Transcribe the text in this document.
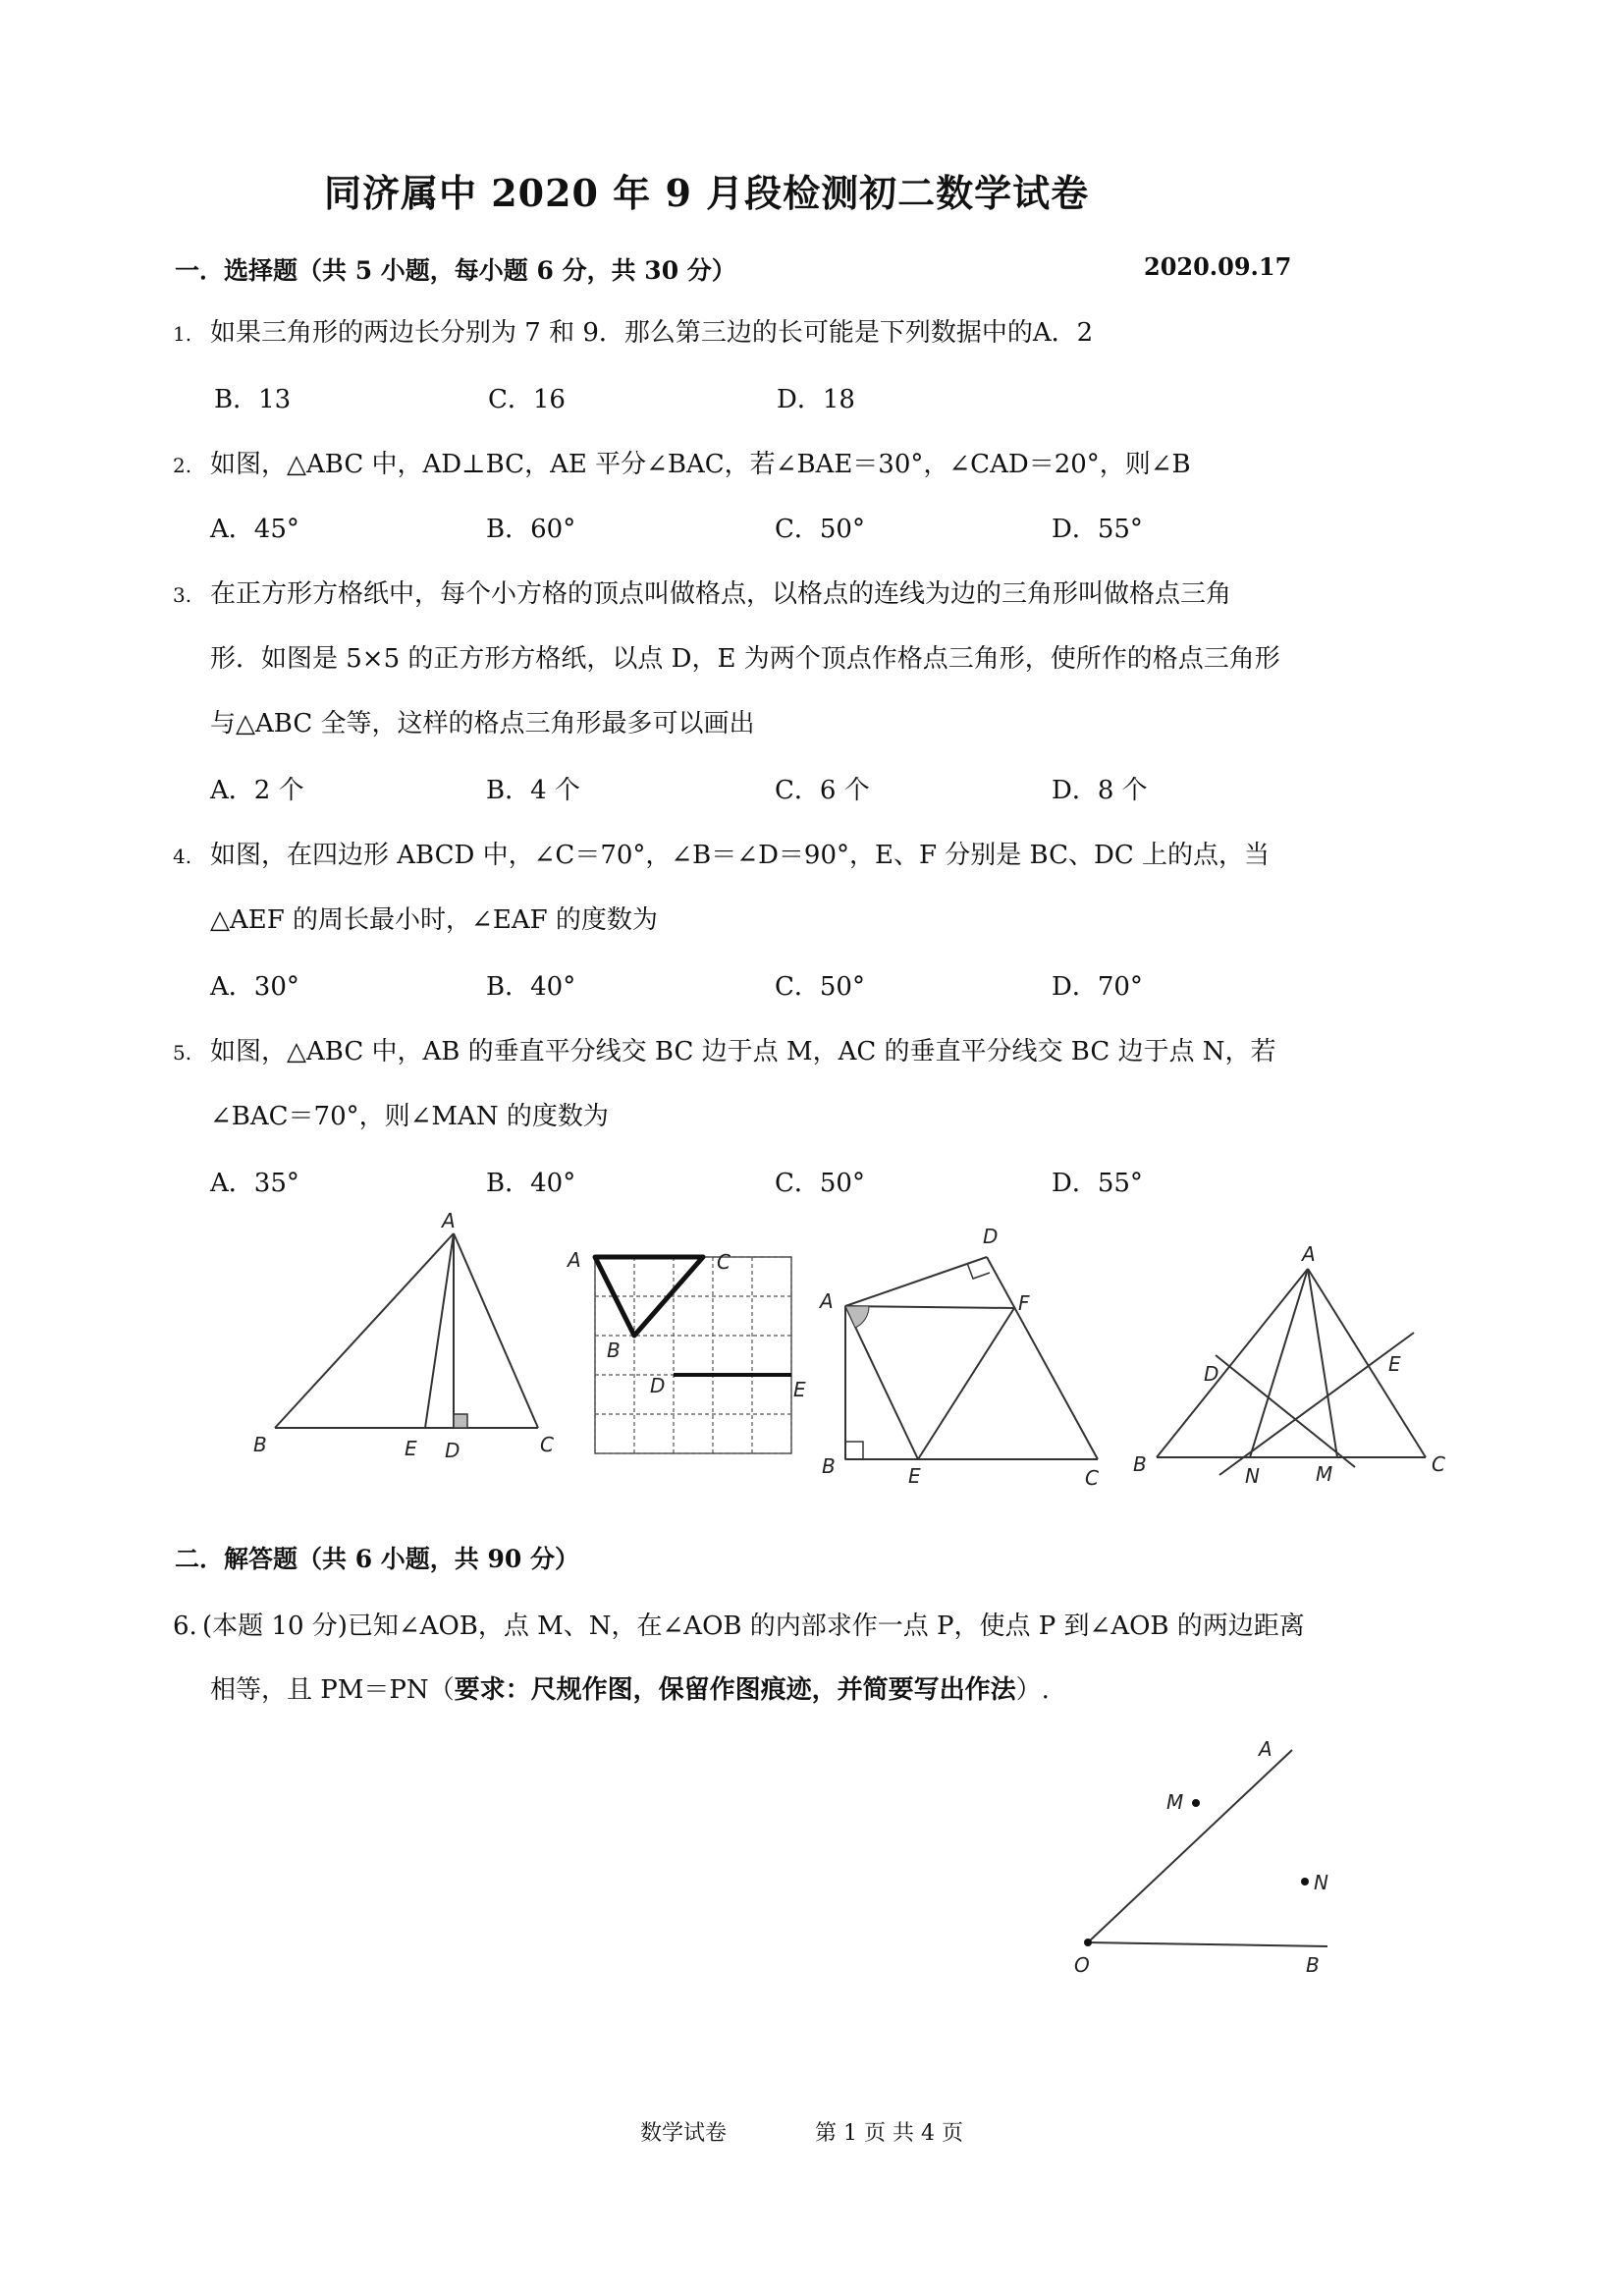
同济属中 2020 年 9 月段检测初二数学试卷
一．选择题（共 5 小题，每小题 6 分，共 30 分）	2020.09.17
1. 如果三角形的两边长分别为 7 和 9．那么第三边的长可能是下列数据中的A．2
B．13	C．16	D．18
2. 如图，△ABC 中，AD⊥BC，AE 平分∠BAC，若∠BAE＝30°，∠CAD＝20°，则∠B
A．45°	B．60°	C．50°	D．55°
3. 在正方形方格纸中，每个小方格的顶点叫做格点，以格点的连线为边的三角形叫做格点三角
形．如图是 5×5 的正方形方格纸，以点 D，E 为两个顶点作格点三角形，使所作的格点三角形
与△ABC 全等，这样的格点三角形最多可以画出
A．2 个	B．4 个	C．6 个	D．8 个
4. 如图，在四边形 ABCD 中，∠C＝70°，∠B＝∠D＝90°，E、F 分别是 BC、DC 上的点，当
△AEF 的周长最小时，∠EAF 的度数为
A．30°	B．40°	C．50°	D．70°
5. 如图，△ABC 中，AB 的垂直平分线交 BC 边于点 M，AC 的垂直平分线交 BC 边于点 N，若
∠BAC＝70°，则∠MAN 的度数为
A．35°	B．40°	C．50°	D．55°
A
B	E D	C
A	C
B
D	E
A
D
F
B	E	C
A
D	E
B	N	M	C
二．解答题（共 6 小题，共 90 分）
6. (本题 10 分)已知∠AOB，点 M、N，在∠AOB 的内部求作一点 P，使点 P 到∠AOB 的两边距离
相等，且 PM＝PN（要求：尺规作图，保留作图痕迹，并简要写出作法）.
A
M
N
O	B
数学试卷	第 1 页 共 4 页
